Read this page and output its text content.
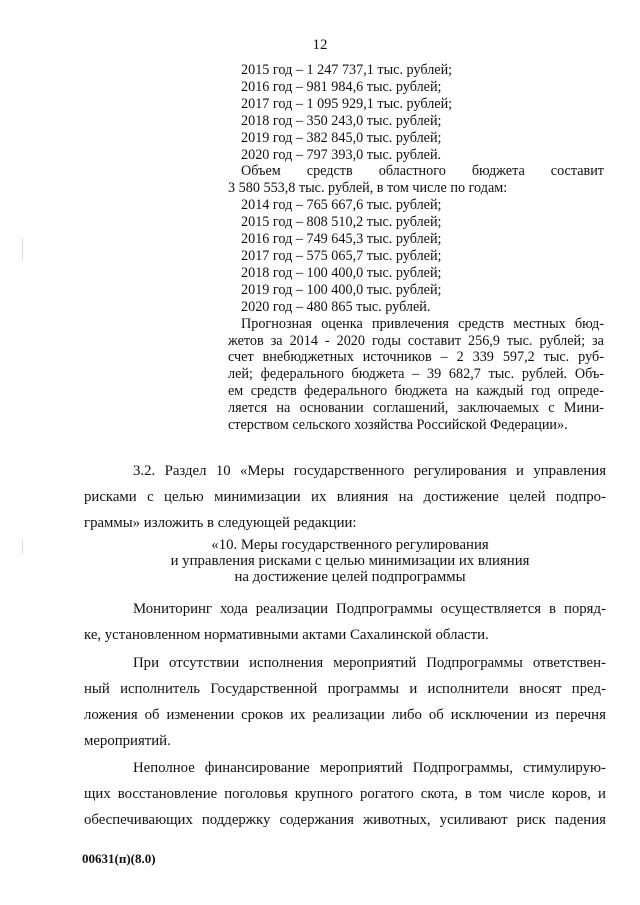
12
2015 год – 1 247 737,1 тыс. рублей;
2016 год – 981 984,6 тыс. рублей;
2017 год – 1 095 929,1 тыс. рублей;
2018 год – 350 243,0 тыс. рублей;
2019 год – 382 845,0 тыс. рублей;
2020 год – 797 393,0 тыс. рублей.
Объем средств областного бюджета составит
3 580 553,8 тыс. рублей, в том числе по годам:
2014 год – 765 667,6 тыс. рублей;
2015 год – 808 510,2 тыс. рублей;
2016 год – 749 645,3 тыс. рублей;
2017 год – 575 065,7 тыс. рублей;
2018 год – 100 400,0 тыс. рублей;
2019 год – 100 400,0 тыс. рублей;
2020 год – 480 865 тыс. рублей.
Прогнозная оценка привлечения средств местных бюд-
жетов за 2014 - 2020 годы составит 256,9 тыс. рублей; за
счет внебюджетных источников – 2 339 597,2 тыс. руб-
лей; федерального бюджета – 39 682,7 тыс. рублей. Объ-
ем средств федерального бюджета на каждый год опреде-
ляется на основании соглашений, заключаемых с Мини-
стерством сельского хозяйства Российской Федерации».
3.2. Раздел 10 «Меры государственного регулирования и управления
рисками с целью минимизации их влияния на достижение целей подпро-
граммы» изложить в следующей редакции:
«10. Меры государственного регулирования
и управления рисками с целью минимизации их влияния
на достижение целей подпрограммы
Мониторинг хода реализации Подпрограммы осуществляется в поряд-
ке, установленном нормативными актами Сахалинской области.
При отсутствии исполнения мероприятий Подпрограммы ответствен-
ный исполнитель Государственной программы и исполнители вносят пред-
ложения об изменении сроков их реализации либо об исключении из перечня
мероприятий.
Неполное финансирование мероприятий Подпрограммы, стимулирую-
щих восстановление поголовья крупного рогатого скота, в том числе коров, и
обеспечивающих поддержку содержания животных, усиливают риск падения
00631(п)(8.0)
